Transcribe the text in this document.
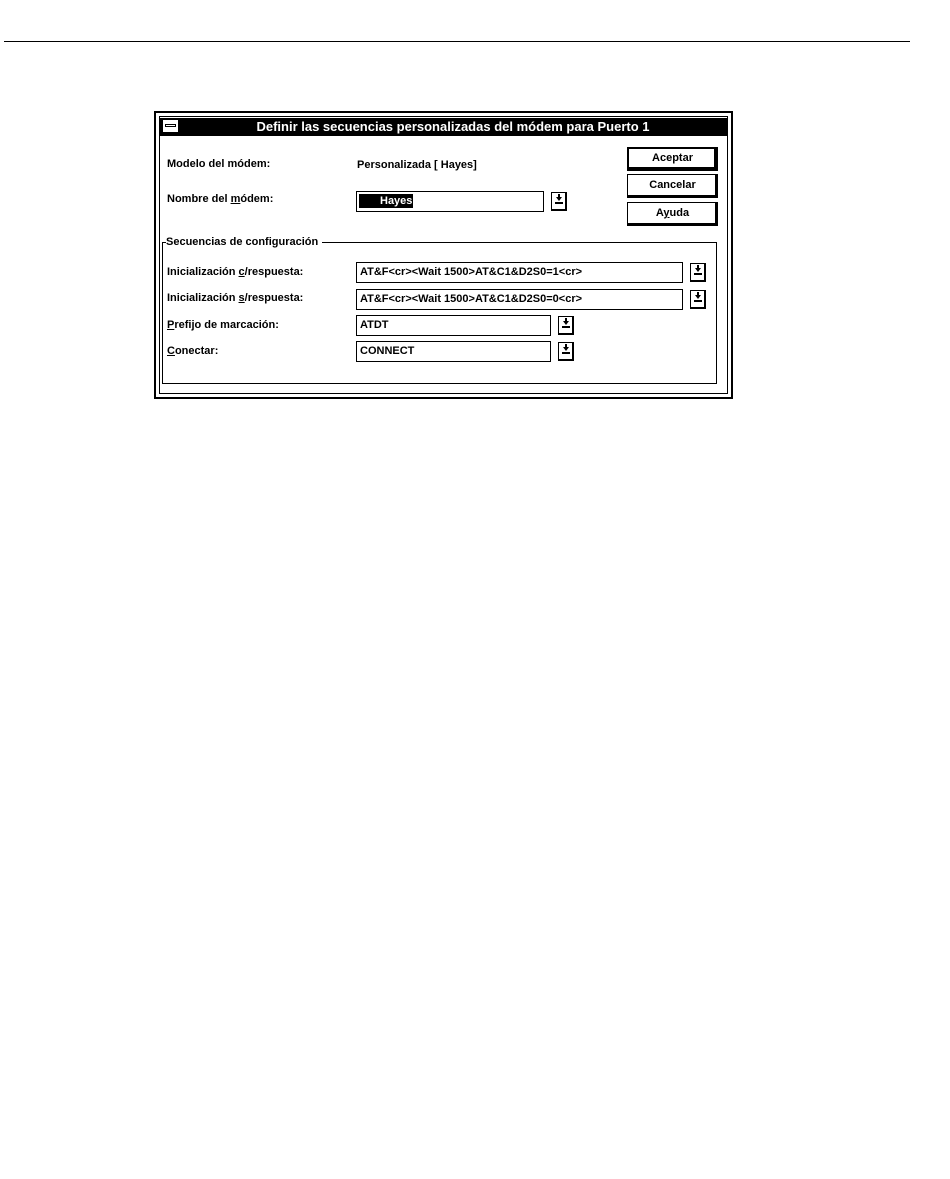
Definir las secuencias personalizadas del módem para Puerto 1
Modelo del módem:	Personalizada [ Hayes]
Nombre del módem:	Hayes
Aceptar
Cancelar
Ayuda
Secuencias de configuración
Inicialización c/respuesta:	AT&F<cr><Wait 1500>AT&C1&D2S0=1<cr>
Inicialización s/respuesta:	AT&F<cr><Wait 1500>AT&C1&D2S0=0<cr>
Prefijo de marcación:	ATDT
Conectar:	CONNECT
